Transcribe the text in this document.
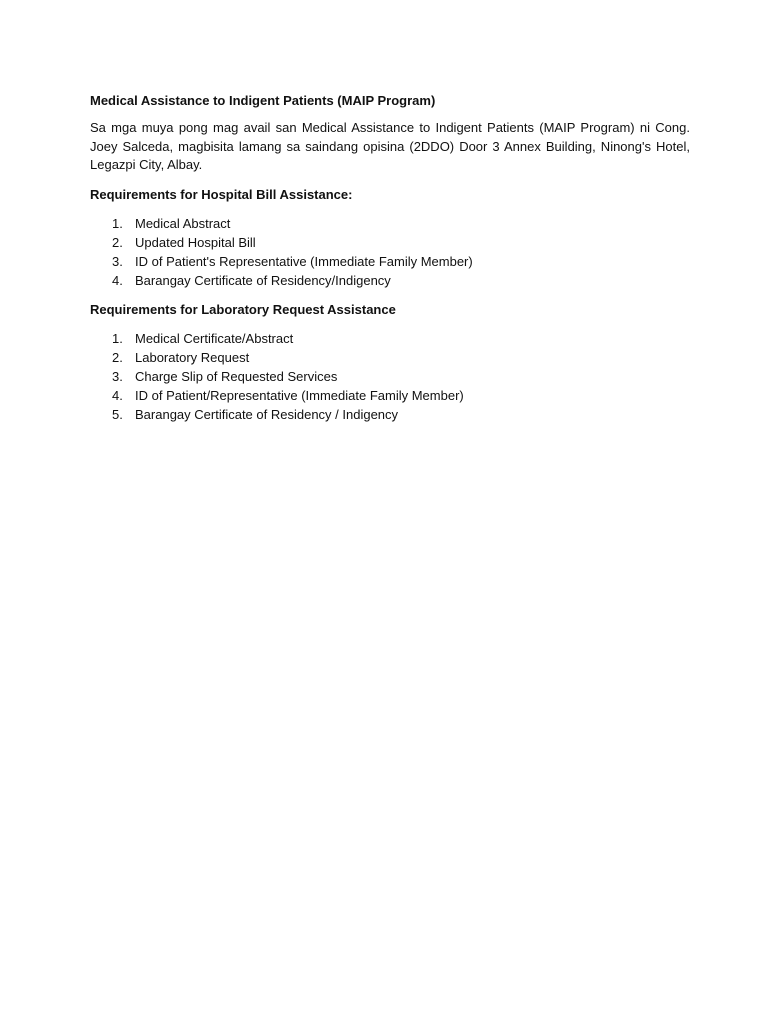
Medical Assistance to Indigent Patients (MAIP Program)

Sa mga muya pong mag avail san Medical Assistance to Indigent Patients (MAIP Program) ni Cong. Joey Salceda, magbisita lamang sa saindang opisina (2DDO) Door 3 Annex Building, Ninong's Hotel, Legazpi City, Albay.

Requirements for Hospital Bill Assistance:
1. Medical Abstract
2. Updated Hospital Bill
3. ID of Patient's Representative (Immediate Family Member)
4. Barangay Certificate of Residency/Indigency
Requirements for Laboratory Request Assistance
1. Medical Certificate/Abstract
2. Laboratory Request
3. Charge Slip of Requested Services
4. ID of Patient/Representative (Immediate Family Member)
5. Barangay Certificate of Residency / Indigency
